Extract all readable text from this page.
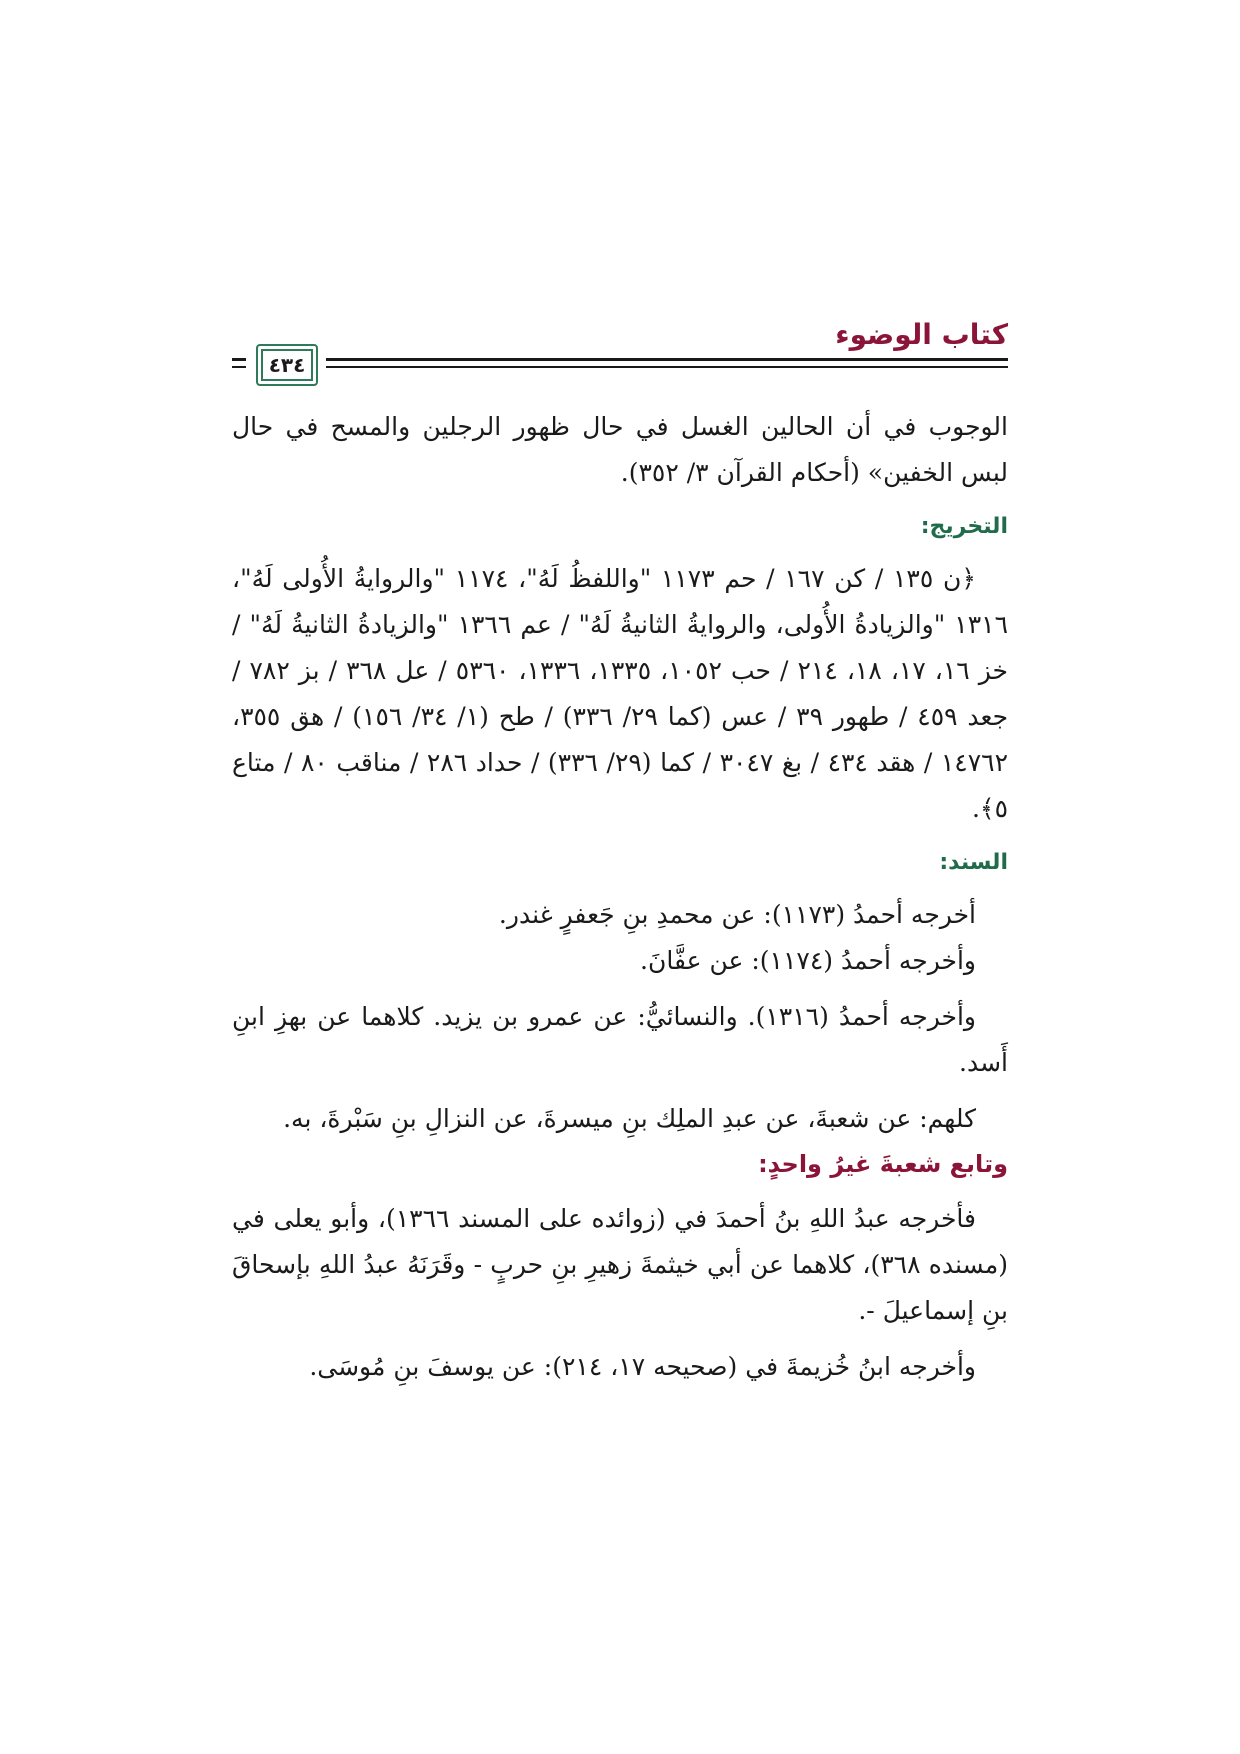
كتاب الوضوء
٤٣٤

الوجوب في أن الحالين الغسل في حال ظهور الرجلين والمسح في حال لبس الخفين» (أحكام القرآن ٣/ ٣٥٢).

التخريج:

﴿ن ١٣٥ / كن ١٦٧ / حم ١١٧٣ "واللفظُ لَهُ"، ١١٧٤ "والروايةُ الأُولى لَهُ"، ١٣١٦ "والزيادةُ الأُولى، والروايةُ الثانيةُ لَهُ" / عم ١٣٦٦ "والزيادةُ الثانيةُ لَهُ" / خز ١٦، ١٧، ١٨، ٢١٤ / حب ١٠٥٢، ١٣٣٥، ١٣٣٦، ٥٣٦٠ / عل ٣٦٨ / بز ٧٨٢ / جعد ٤٥٩ / طهور ٣٩ / عس (كما ٢٩/ ٣٣٦) / طح (١/ ٣٤/ ١٥٦) / هق ٣٥٥، ١٤٧٦٢ / هقد ٤٣٤ / بغ ٣٠٤٧ / كما (٢٩/ ٣٣٦) / حداد ٢٨٦ / مناقب ٨٠ / متاع ٥﴾.

السند:

أخرجه أحمدُ (١١٧٣): عن محمدِ بنِ جَعفرٍ غندر.

وأخرجه أحمدُ (١١٧٤): عن عفَّانَ.

وأخرجه أحمدُ (١٣١٦). والنسائيُّ: عن عمرو بن يزيد. كلاهما عن بهزِ ابنِ أَسد.

كلهم: عن شعبةَ، عن عبدِ الملِك بنِ ميسرةَ، عن النزالِ بنِ سَبْرةَ، به.

وتابع شعبةَ غيرُ واحدٍ:

فأخرجه عبدُ اللهِ بنُ أحمدَ في (زوائده على المسند ١٣٦٦)، وأبو يعلى في (مسنده ٣٦٨)، كلاهما عن أبي خيثمةَ زهيرِ بنِ حربٍ - وقَرَنَهُ عبدُ اللهِ بإسحاقَ بنِ إسماعيلَ -.

وأخرجه ابنُ خُزيمةَ في (صحيحه ١٧، ٢١٤): عن يوسفَ بنِ مُوسَى.
